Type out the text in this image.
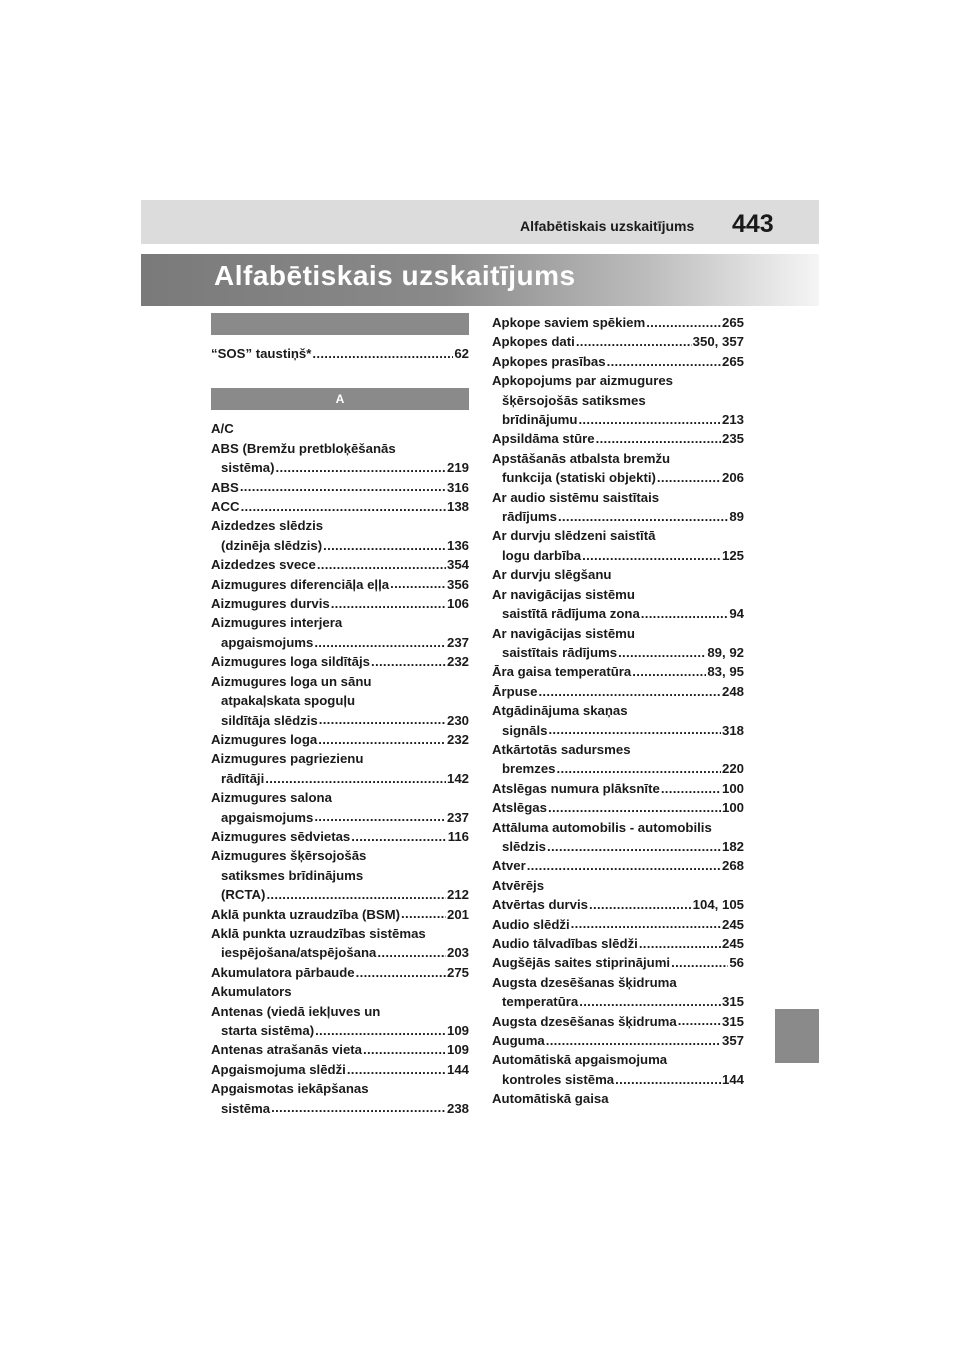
Alfabētiskais uzskaitījums 443
Alfabētiskais uzskaitījums
“SOS” taustiņš* .....	62
A
A/C
ABS (Bremžu pretbloķēšanās
sistēma) .....	219
ABS .....	316
ACC .....	138
Aizdedzes slēdzis
(dzinēja slēdzis) .....	136
Aizdedzes svece .....	354
Aizmugures diferenciāļa eļļa .....	356
Aizmugures durvis .....	106
Aizmugures interjera
apgaismojums .....	237
Aizmugures loga sildītājs .....	232
Aizmugures loga un sānu
atpakaļskata spoguļu
sildītāja slēdzis .....	230
Aizmugures loga .....	232
Aizmugures pagriezienu
rādītāji .....	142
Aizmugures salona
apgaismojums .....	237
Aizmugures sēdvietas .....	116
Aizmugures šķērsojošās
satiksmes brīdinājums
(RCTA) .....	212
Aklā punkta uzraudzība (BSM) .....	201
Aklā punkta uzraudzības sistēmas
iespējošana/atspējošana .....	203
Akumulatora pārbaude .....	275
Akumulators
Antenas (viedā iekļuves un
starta sistēma) .....	109
Antenas atrašanās vieta .....	109
Apgaismojuma slēdži .....	144
Apgaismotas iekāpšanas
sistēma .....	238
Apkope saviem spēkiem .....	265
Apkopes dati .....	350, 357
Apkopes prasības .....	265
Apkopojums par aizmugures
šķērsojošās satiksmes
brīdinājumu .....	213
Apsildāma stūre .....	235
Apstāšanās atbalsta bremžu
funkcija (statiski objekti) .....	206
Ar audio sistēmu saistītais
rādījums .....	89
Ar durvju slēdzeni saistītā
logu darbība .....	125
Ar durvju slēgšanu
Ar navigācijas sistēmu
saistītā rādījuma zona .....	94
Ar navigācijas sistēmu
saistītais rādījums .....	89, 92
Āra gaisa temperatūra .....	83, 95
Ārpuse .....	248
Atgādinājuma skaņas
signāls .....	318
Atkārtotās sadursmes
bremzes .....	220
Atslēgas numura plāksnīte .....	100
Atslēgas .....	100
Attāluma automobilis - automobilis
slēdzis .....	182
Atver .....	268
Atvērējs
Atvērtas durvis .....	104, 105
Audio slēdži .....	245
Audio tālvadības slēdži .....	245
Augšējās saites stiprinājumi .....	56
Augsta dzesēšanas šķidruma
temperatūra .....	315
Augsta dzesēšanas šķidruma .....	315
Auguma .....	357
Automātiskā apgaismojuma
kontroles sistēma .....	144
Automātiskā gaisa
